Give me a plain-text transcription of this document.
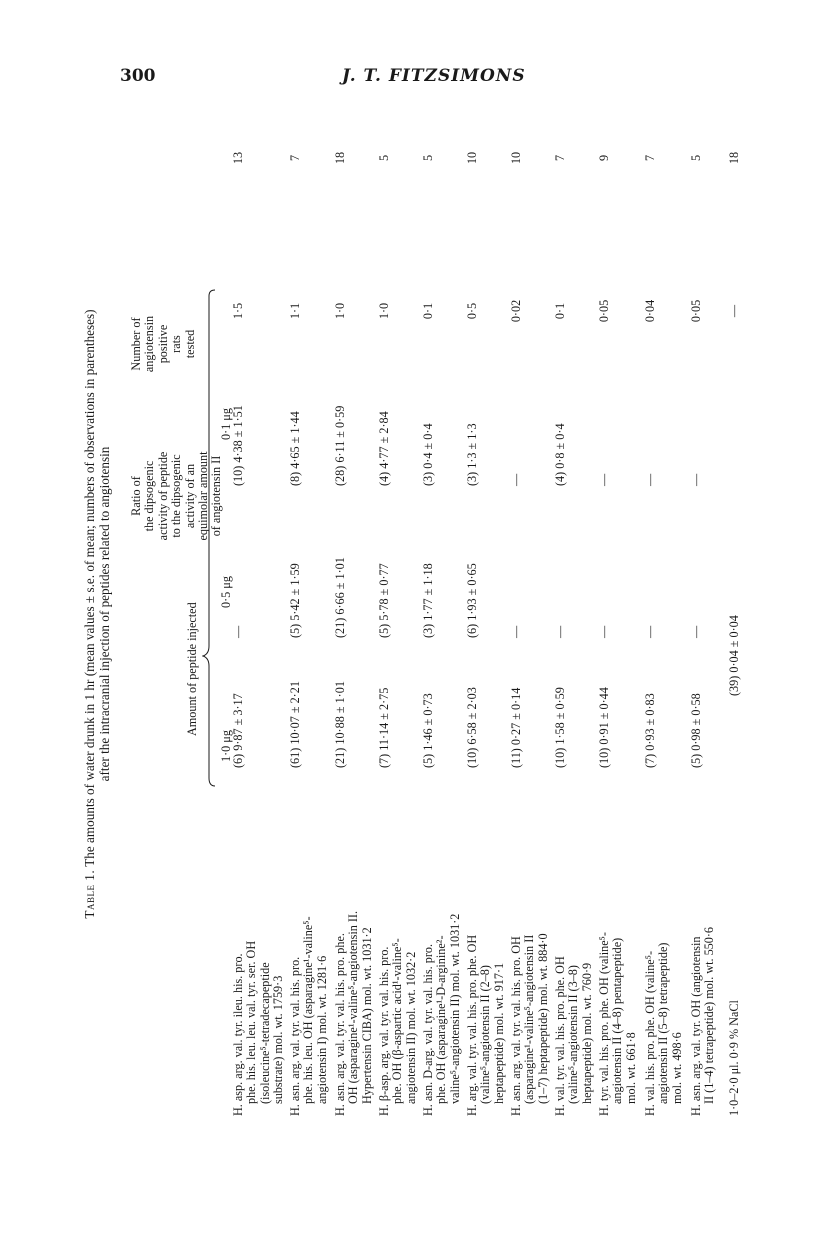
300	J. T. FITZSIMONS
Table 1. The amounts of water drunk in 1 hr (mean values ± s.e. of mean; numbers of observations in parentheses) after the intracranial injection of peptides related to angiotensin	Amount of peptide injected
1·0 μg
0·5 μg
0·1 μg
Ratio of the dipsogenic activity of peptide to the dipsogenic activity of an equimolar amount of angiotensin II
Number of angiotensin positive rats tested
H. asp. arg. val. tyr. ileu. his. pro. phe. his. leu. leu. val. tyr. ser. OH (isoleucine⁵-tetradecapeptide substrate) mol. wt. 1759·3
(6) 9·87 ± 3·17
—
(10) 4·38 ± 1·51
1·5
13
H. asn. arg. val. tyr. val. his. pro. phe. his. leu. OH (asparagine¹-valine⁵- angiotensin I) mol. wt. 1281·6
(61) 10·07 ± 2·21
(5) 5·42 ± 1·59
(8) 4·65 ± 1·44
1·1
7
H. asn. arg. val. tyr. val. his. pro. phe. OH (asparagine¹-valine⁵-angiotensin II. Hypertensin CIBA) mol. wt. 1031·2
(21) 10·88 ± 1·01
(21) 6·66 ± 1·01
(28) 6·11 ± 0·59
1·0
18
H. β-asp. arg. val. tyr. val. his. pro. phe. OH (β-aspartic acid¹-valine⁵- angiotensin II) mol. wt. 1032·2
(7) 11·14 ± 2·75
(5) 5·78 ± 0·77
(4) 4·77 ± 2·84
1·0
5
H. asn. D-arg. val. tyr. val. his. pro. phe. OH (asparagine¹-D-arginine²- valine⁵-angiotensin II) mol. wt. 1031·2
(5) 1·46 ± 0·73
(3) 1·77 ± 1·18
(3) 0·4 ± 0·4
0·1
5
H. arg. val. tyr. val. his. pro. phe. OH (valine⁵-angiotensin II (2–8) heptapeptide) mol. wt. 917·1
(10) 6·58 ± 2·03
(6) 1·93 ± 0·65
(3) 1·3 ± 1·3
0·5
10
H. asn. arg. val. tyr. val. his. pro. OH (asparagine¹-valine⁵-angiotensin II (1–7) heptapeptide) mol. wt. 884·0
(11) 0·27 ± 0·14
—
—
0·02
10
H. val. tyr. val. his. pro. phe. OH (valine⁵-angiotensin II (3–8) heptapeptide) mol. wt. 760·9
(10) 1·58 ± 0·59
—
(4) 0·8 ± 0·4
0·1
7
H. tyr. val. his. pro. phe. OH (valine⁵- angiotensin II (4–8) pentapeptide) mol. wt. 661·8
(10) 0·91 ± 0·44
—
—
0·05
9
H. val. his. pro. phe. OH (valine⁵- angiotensin II (5–8) tetrapeptide) mol. wt. 498·6
(7) 0·93 ± 0·83
—
—
0·04
7
H. asn. arg. val. tyr. OH (angiotensin II (1–4) tetrapeptide) mol. wt. 550·6
(5) 0·98 ± 0·58
—
—
0·05
5
1·0–2·0 μl. 0·9 % NaCl
(39) 0·04 ± 0·04
—
18
